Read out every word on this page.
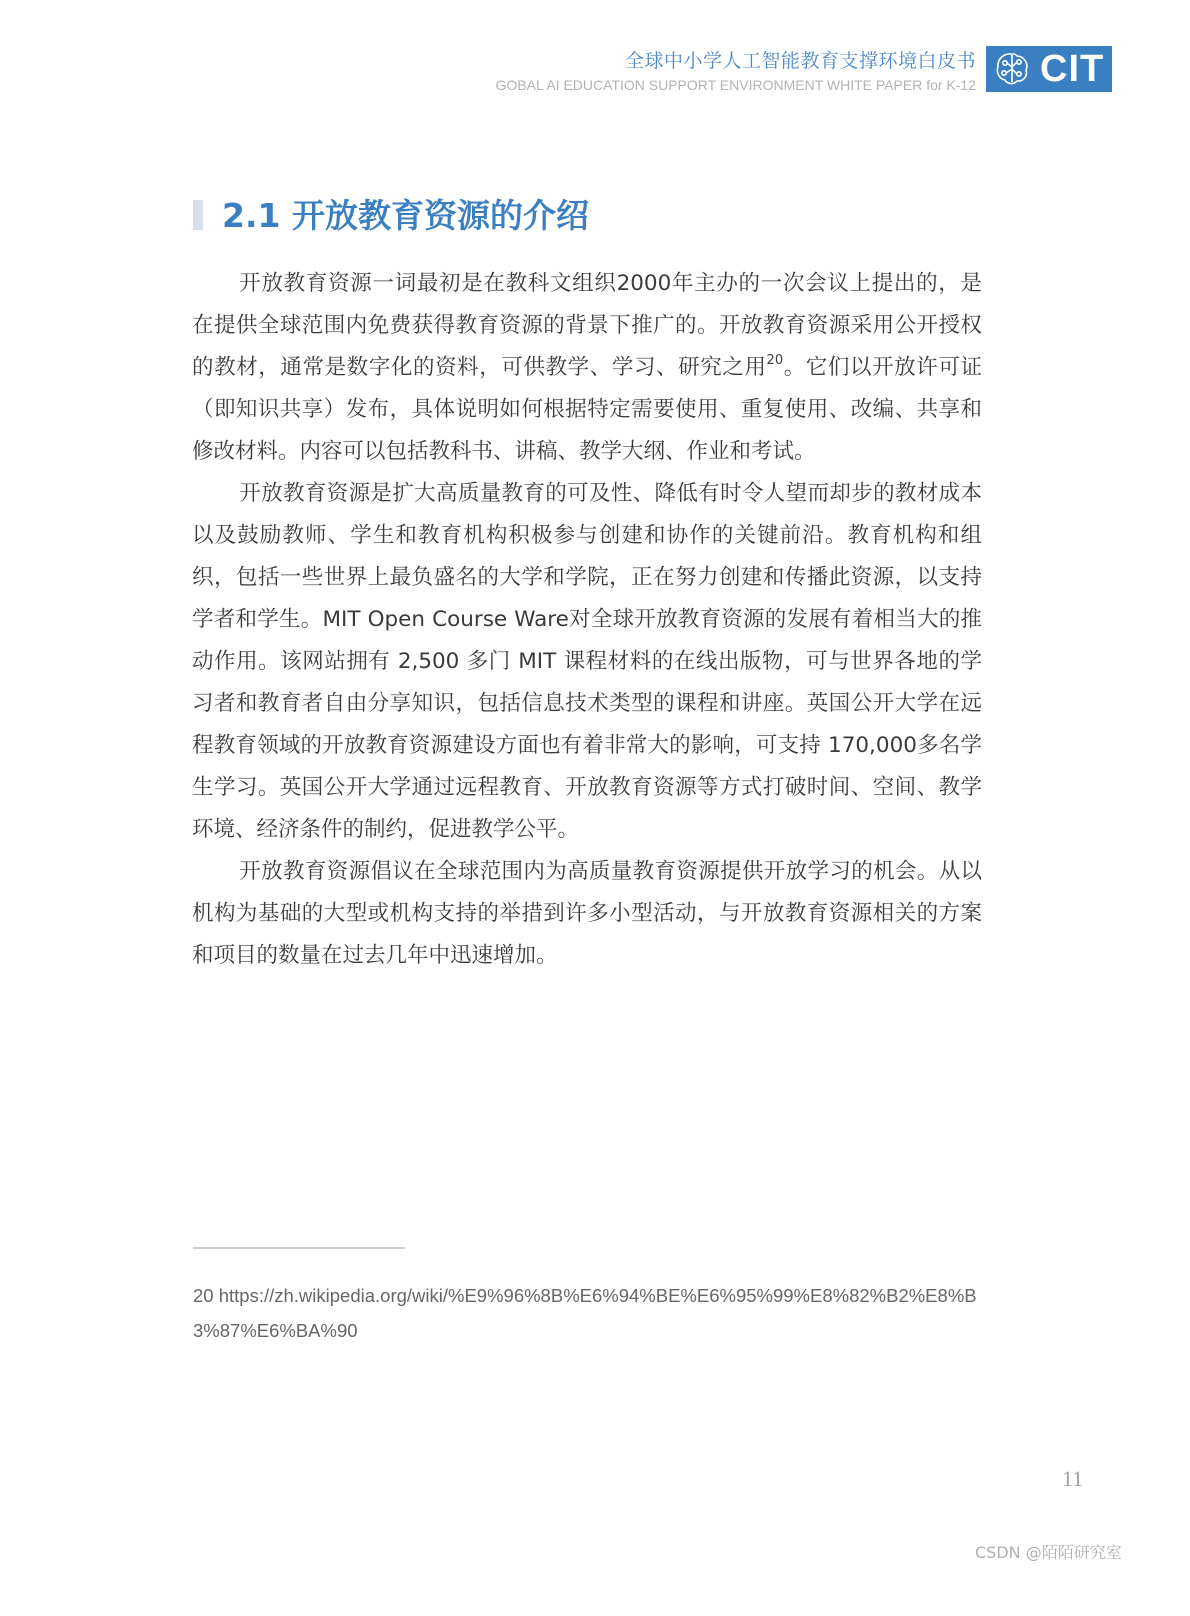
全球中小学人工智能教育支撑环境白皮书
GOBAL AI EDUCATION SUPPORT ENVIRONMENT WHITE PAPER for K-12 CIT
2.1 开放教育资源的介绍

开放教育资源一词最初是在教科文组织2000年主办的一次会议上提出的，是在提供全球范围内免费获得教育资源的背景下推广的。开放教育资源采用公开授权的教材，通常是数字化的资料，可供教学、学习、研究之用$^{20}$。它们以开放许可证（即知识共享）发布，具体说明如何根据特定需要使用、重复使用、改编、共享和修改材料。内容可以包括教科书、讲稿、教学大纲、作业和考试。

开放教育资源是扩大高质量教育的可及性、降低有时令人望而却步的教材成本以及鼓励教师、学生和教育机构积极参与创建和协作的关键前沿。教育机构和组织，包括一些世界上最负盛名的大学和学院，正在努力创建和传播此资源，以支持学者和学生。MIT Open Course Ware对全球开放教育资源的发展有着相当大的推动作用。该网站拥有 2,500 多门 MIT 课程材料的在线出版物，可与世界各地的学习者和教育者自由分享知识，包括信息技术类型的课程和讲座。英国公开大学在远程教育领域的开放教育资源建设方面也有着非常大的影响，可支持 170,000多名学生学习。英国公开大学通过远程教育、开放教育资源等方式打破时间、空间、教学环境、经济条件的制约，促进教学公平。

开放教育资源倡议在全球范围内为高质量教育资源提供开放学习的机会。从以机构为基础的大型或机构支持的举措到许多小型活动，与开放教育资源相关的方案和项目的数量在过去几年中迅速增加。

20 https://zh.wikipedia.org/wiki/%E9%96%8B%E6%94%BE%E6%95%99%E8%82%B2%E8%B3%87%E6%BA%90
11
CSDN @陌陌研究室
